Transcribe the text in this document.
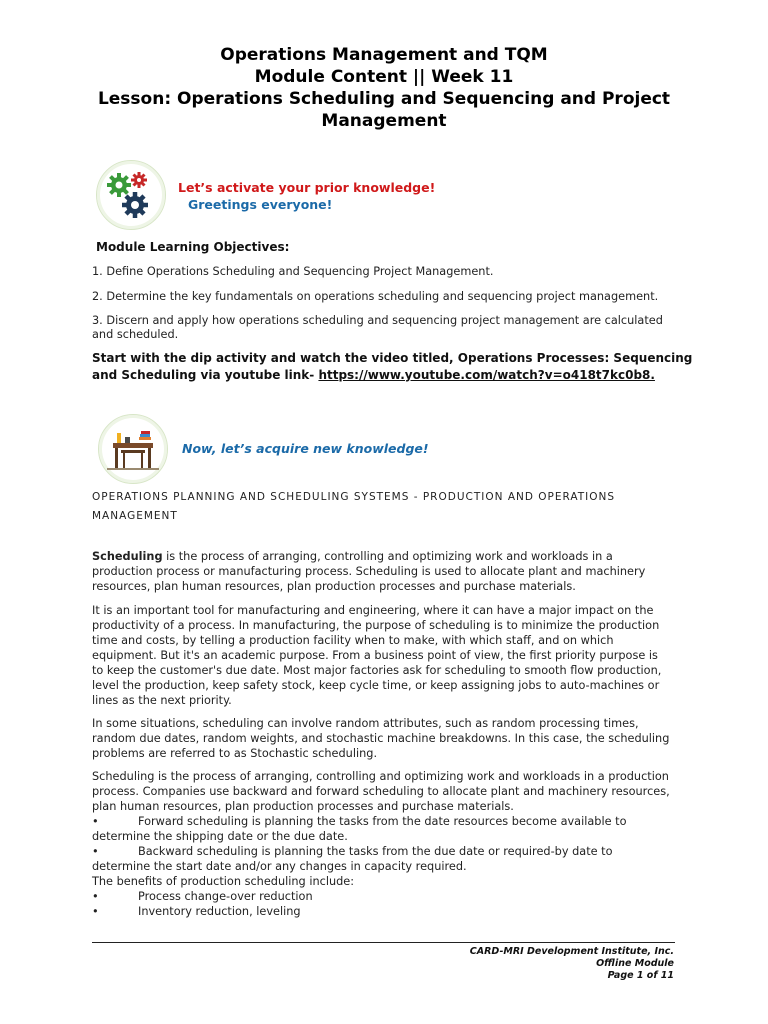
Operations Management and TQM
Module Content || Week 11
Lesson: Operations Scheduling and Sequencing and Project
Management
Let’s activate your prior knowledge!
Greetings everyone!
Module Learning Objectives:
1. Define Operations Scheduling and Sequencing Project Management.
2. Determine the key fundamentals on operations scheduling and sequencing project management.
3. Discern and apply how operations scheduling and sequencing project management are calculated
and scheduled.
Start with the dip activity and watch the video titled, Operations Processes: Sequencing
and Scheduling via youtube link- https://www.youtube.com/watch?v=o418t7kc0b8.
Now, let’s acquire new knowledge!
OPERATIONS PLANNING AND SCHEDULING SYSTEMS - PRODUCTION AND OPERATIONS
MANAGEMENT
Scheduling is the process of arranging, controlling and optimizing work and workloads in a
production process or manufacturing process. Scheduling is used to allocate plant and machinery
resources, plan human resources, plan production processes and purchase materials.
It is an important tool for manufacturing and engineering, where it can have a major impact on the
productivity of a process. In manufacturing, the purpose of scheduling is to minimize the production
time and costs, by telling a production facility when to make, with which staff, and on which
equipment. But it's an academic purpose. From a business point of view, the first priority purpose is
to keep the customer's due date. Most major factories ask for scheduling to smooth flow production,
level the production, keep safety stock, keep cycle time, or keep assigning jobs to auto-machines or
lines as the next priority.
In some situations, scheduling can involve random attributes, such as random processing times,
random due dates, random weights, and stochastic machine breakdowns. In this case, the scheduling
problems are referred to as Stochastic scheduling.
Scheduling is the process of arranging, controlling and optimizing work and workloads in a production
process. Companies use backward and forward scheduling to allocate plant and machinery resources,
plan human resources, plan production processes and purchase materials.
•	Forward scheduling is planning the tasks from the date resources become available to
determine the shipping date or the due date.
•	Backward scheduling is planning the tasks from the due date or required-by date to
determine the start date and/or any changes in capacity required.
The benefits of production scheduling include:
•	Process change-over reduction
•	Inventory reduction, leveling
CARD-MRI Development Institute, Inc.
Offline Module
Page 1 of 11
